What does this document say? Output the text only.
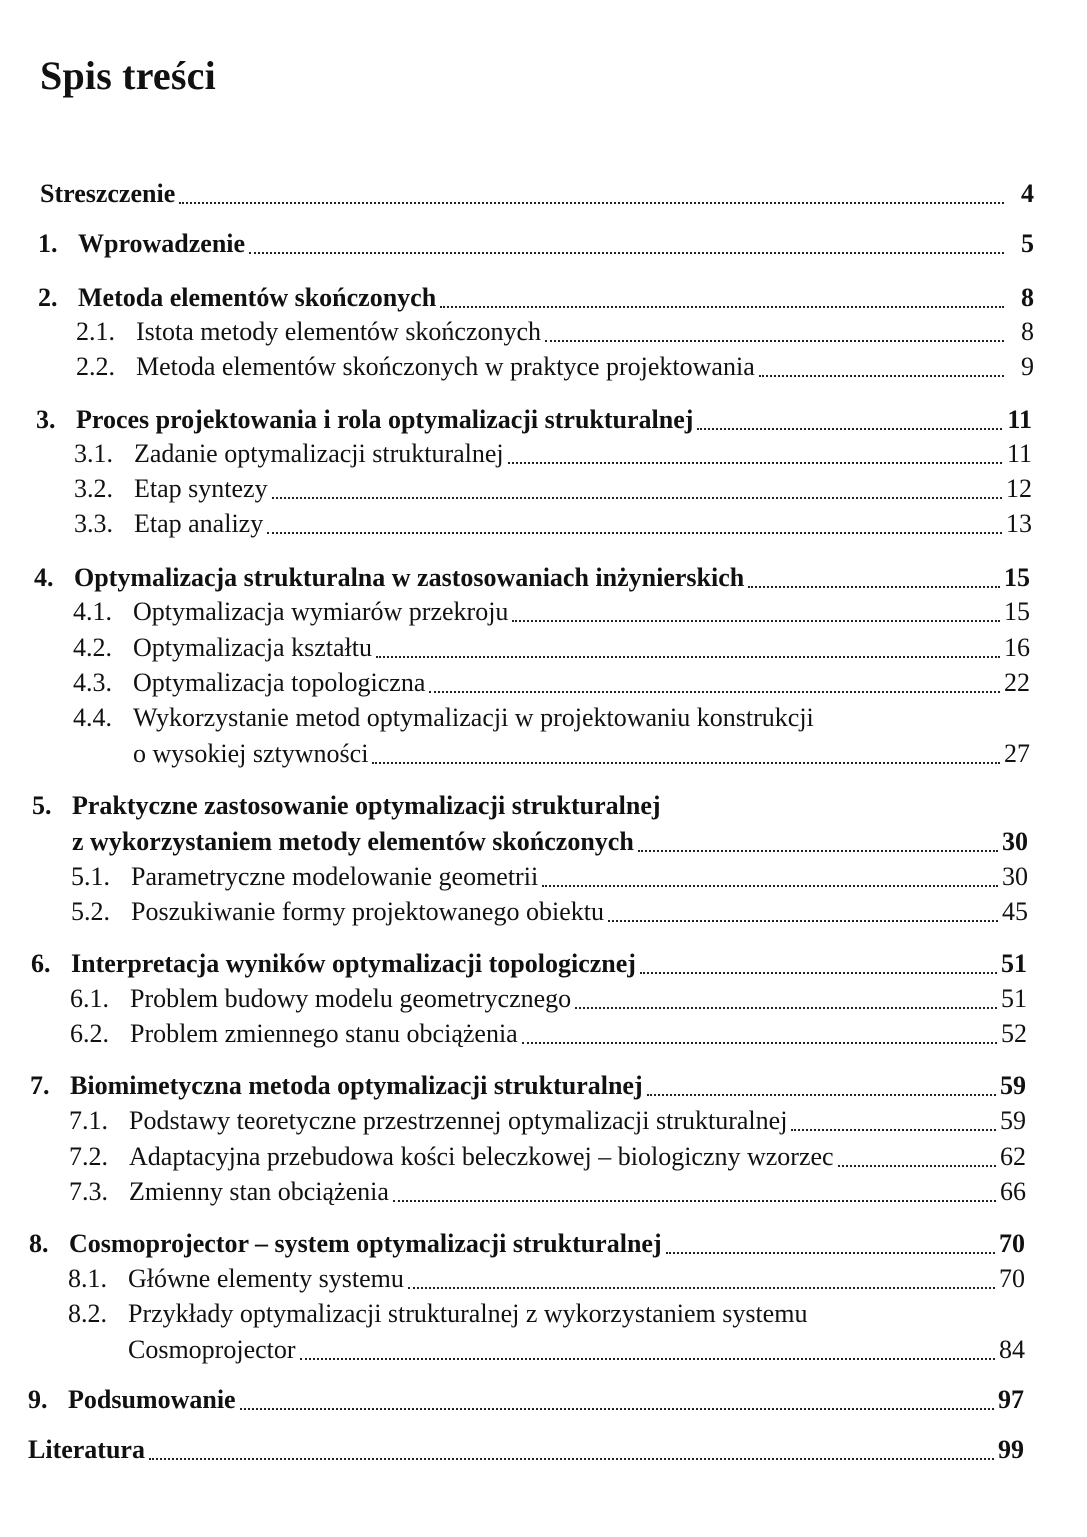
Spis treści
Streszczenie	4
1. Wprowadzenie	5
2. Metoda elementów skończonych	8
2.1. Istota metody elementów skończonych	8
2.2. Metoda elementów skończonych w praktyce projektowania	9
3. Proces projektowania i rola optymalizacji strukturalnej	11
3.1. Zadanie optymalizacji strukturalnej	11
3.2. Etap syntezy	12
3.3. Etap analizy	13
4. Optymalizacja strukturalna w zastosowaniach inżynierskich	15
4.1. Optymalizacja wymiarów przekroju	15
4.2. Optymalizacja kształtu	16
4.3. Optymalizacja topologiczna	22
4.4. Wykorzystanie metod optymalizacji w projektowaniu konstrukcji
o wysokiej sztywności	27
5. Praktyczne zastosowanie optymalizacji strukturalnej
z wykorzystaniem metody elementów skończonych	30
5.1. Parametryczne modelowanie geometrii	30
5.2. Poszukiwanie formy projektowanego obiektu	45
6. Interpretacja wyników optymalizacji topologicznej	51
6.1. Problem budowy modelu geometrycznego	51
6.2. Problem zmiennego stanu obciążenia	52
7. Biomimetyczna metoda optymalizacji strukturalnej	59
7.1. Podstawy teoretyczne przestrzennej optymalizacji strukturalnej	59
7.2. Adaptacyjna przebudowa kości beleczkowej – biologiczny wzorzec	62
7.3. Zmienny stan obciążenia	66
8. Cosmoprojector – system optymalizacji strukturalnej	70
8.1. Główne elementy systemu	70
8.2. Przykłady optymalizacji strukturalnej z wykorzystaniem systemu
Cosmoprojector	84
9. Podsumowanie	97
Literatura	99
